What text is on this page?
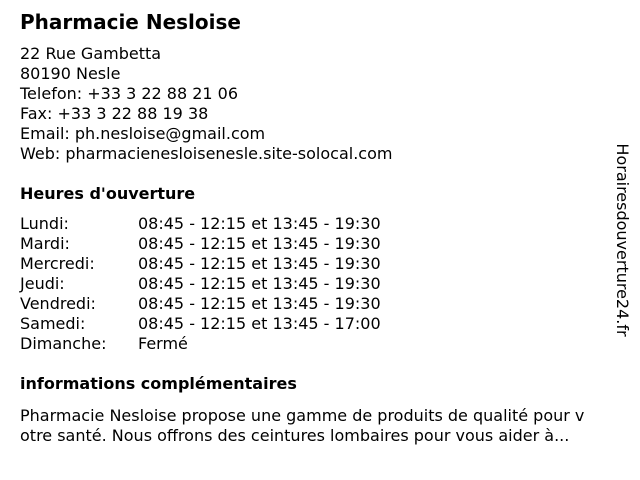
Pharmacie Nesloise
22 Rue Gambetta
80190 Nesle
Telefon: +33 3 22 88 21 06
Fax: +33 3 22 88 19 38
Email: ph.nesloise@gmail.com
Web: pharmacienesloisenesle.site-solocal.com
Heures d'ouverture
Lundi:	08:45 - 12:15 et 13:45 - 19:30
Mardi:	08:45 - 12:15 et 13:45 - 19:30
Mercredi:	08:45 - 12:15 et 13:45 - 19:30
Jeudi:	08:45 - 12:15 et 13:45 - 19:30
Vendredi:	08:45 - 12:15 et 13:45 - 19:30
Samedi:	08:45 - 12:15 et 13:45 - 17:00
Dimanche: Fermé
informations complémentaires
Pharmacie Nesloise propose une gamme de produits de qualité pour v
otre santé. Nous offrons des ceintures lombaires pour vous aider à...
Horairesdouverture24.fr
